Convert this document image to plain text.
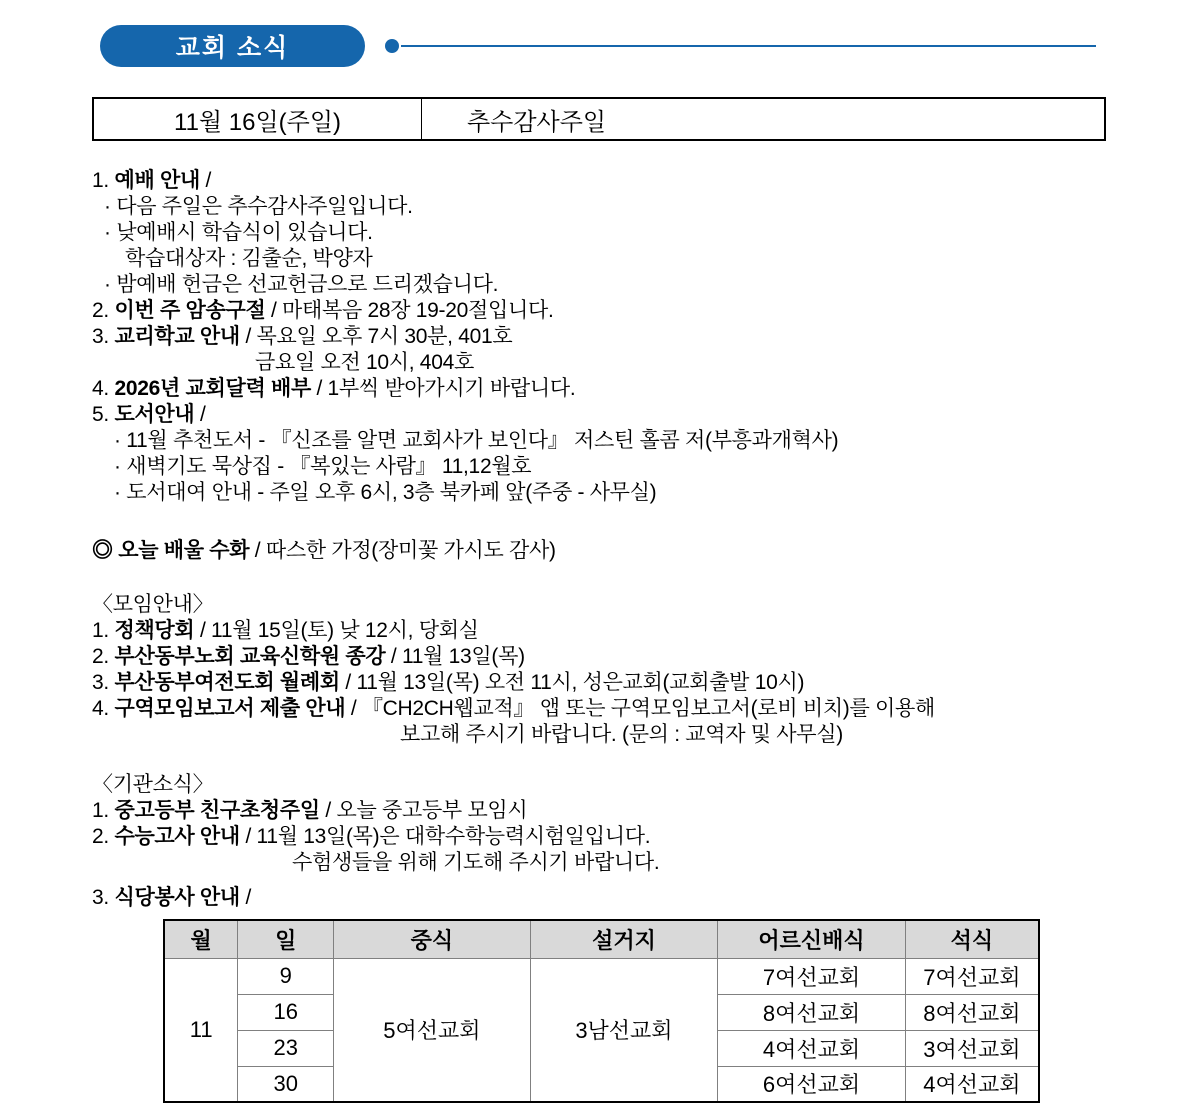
교회 소식
11월 16일(주일)	추수감사주일
1. 예배 안내 /
· 다음 주일은 추수감사주일입니다.
· 낮예배시 학습식이 있습니다.
학습대상자 : 김출순, 박양자
· 밤예배 헌금은 선교헌금으로 드리겠습니다.
2. 이번 주 암송구절 / 마태복음 28장 19-20절입니다.
3. 교리학교 안내 / 목요일 오후 7시 30분, 401호
금요일 오전 10시, 404호
4. 2026년 교회달력 배부 / 1부씩 받아가시기 바랍니다.
5. 도서안내 /
· 11월 추천도서 - 『신조를 알면 교회사가 보인다』 저스틴 홀콤 저(부흥과개혁사)
· 새벽기도 묵상집 - 『복있는 사람』 11,12월호
· 도서대여 안내 - 주일 오후 6시, 3층 북카페 앞(주중 - 사무실)
◎ 오늘 배울 수화 / 따스한 가정(장미꽃 가시도 감사)
〈모임안내〉
1. 정책당회 / 11월 15일(토) 낮 12시, 당회실
2. 부산동부노회 교육신학원 종강 / 11월 13일(목)
3. 부산동부여전도회 월례회 / 11월 13일(목) 오전 11시, 성은교회(교회출발 10시)
4. 구역모임보고서 제출 안내 / 『CH2CH웹교적』 앱 또는 구역모임보고서(로비 비치)를 이용해
보고해 주시기 바랍니다. (문의 : 교역자 및 사무실)
〈기관소식〉
1. 중고등부 친구초청주일 / 오늘 중고등부 모임시
2. 수능고사 안내 / 11월 13일(목)은 대학수학능력시험일입니다.
수험생들을 위해 기도해 주시기 바랍니다.
3. 식당봉사 안내 /
월	일	중식	설거지	어르신배식	석식
11	9	5여선교회	3남선교회	7여선교회	7여선교회
	16			8여선교회	8여선교회
	23			4여선교회	3여선교회
	30			6여선교회	4여선교회
